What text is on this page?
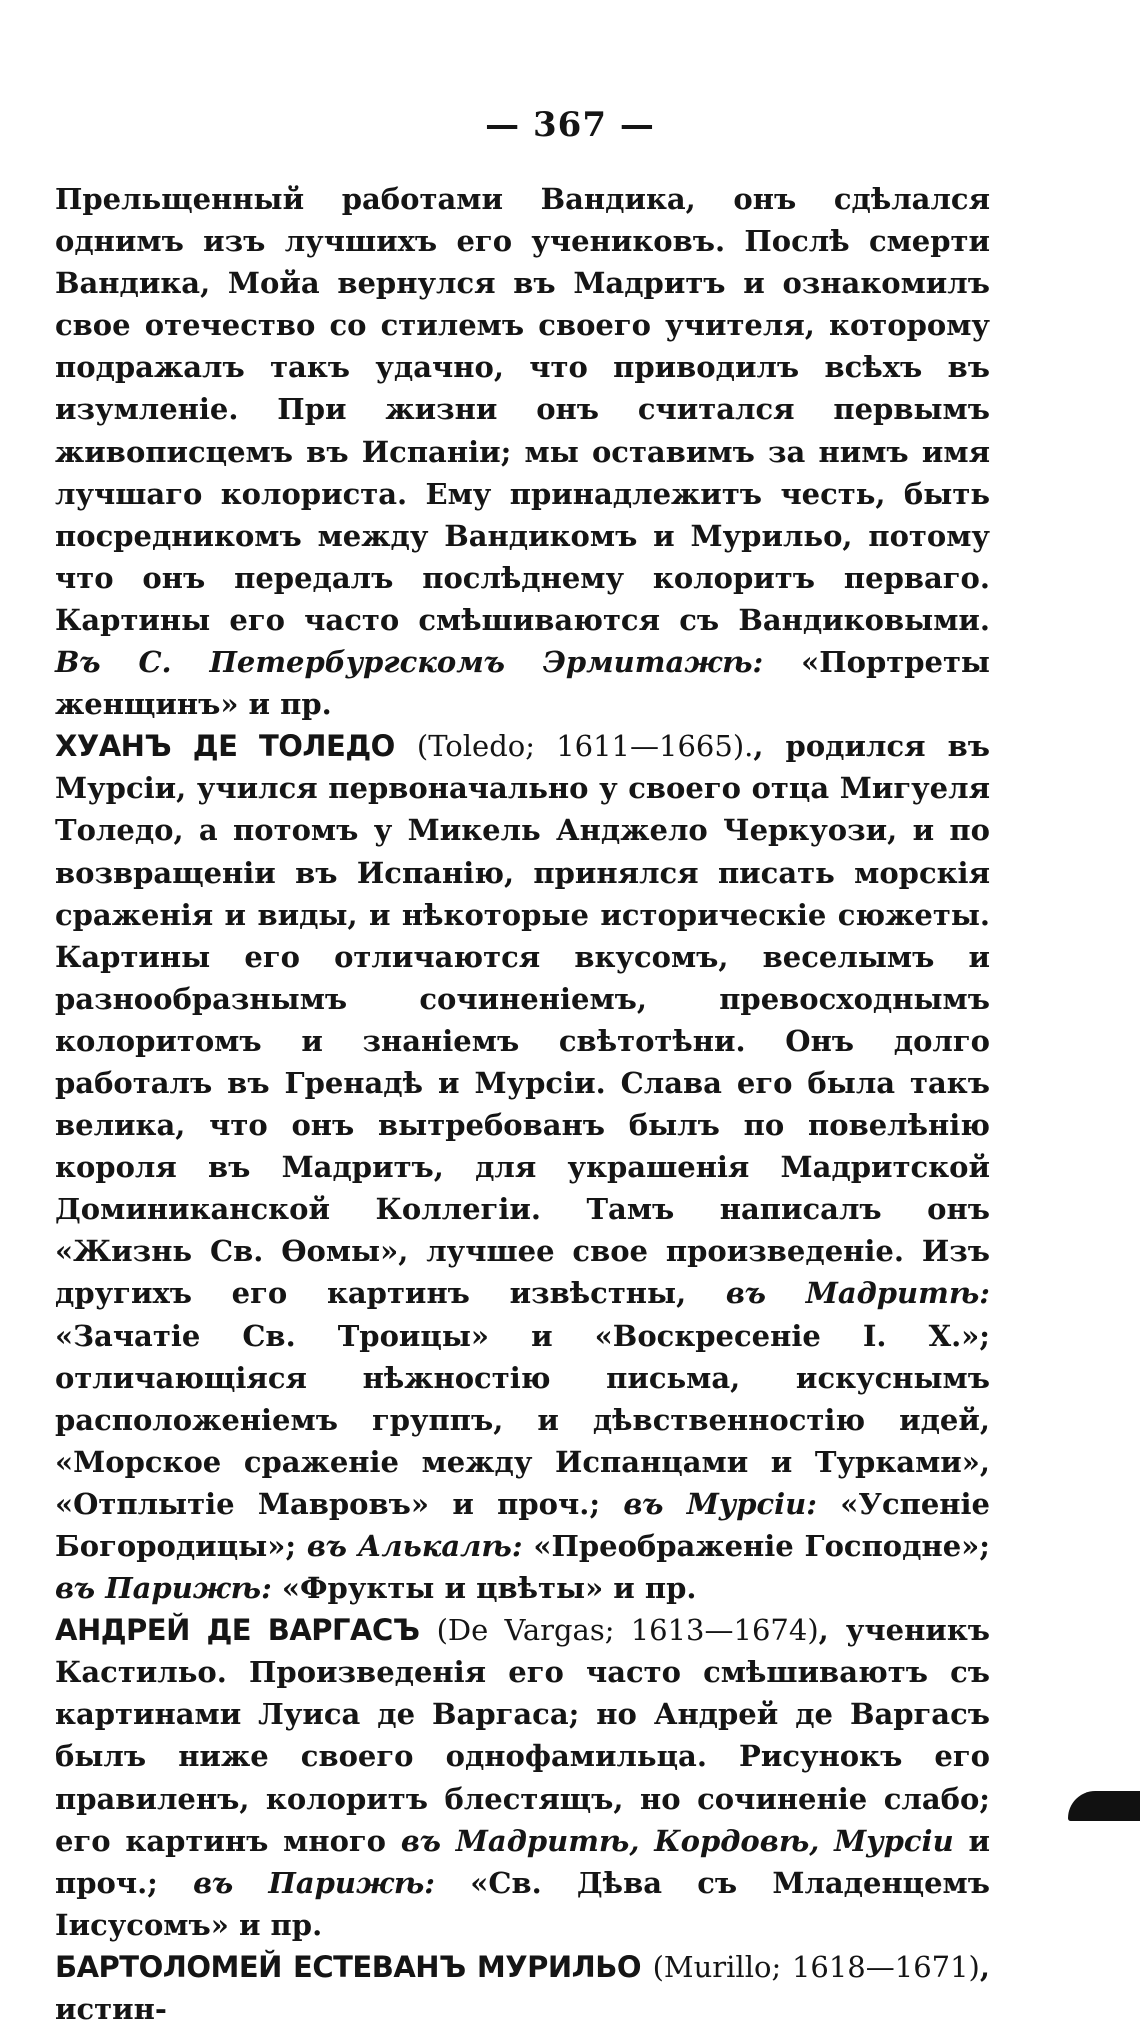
— 367 —

Прельщенный работами Вандика, онъ сдѣлался однимъ изъ лучшихъ его учениковъ. Послѣ смерти Вандика, Мойа вернулся въ Мадритъ и ознакомилъ свое отечество со стилемъ своего учителя, которому подражалъ такъ удачно, что приводилъ всѣхъ въ изумленіе. При жизни онъ считался первымъ живописцемъ въ Испаніи; мы оставимъ за нимъ имя лучшаго колориста. Ему принадлежитъ честь, быть посредникомъ между Вандикомъ и Мурильо, потому что онъ передалъ послѣднему колоритъ перваго. Картины его часто смѣшиваются съ Вандиковыми. Въ С. Петербургскомъ Эрмитажѣ: «Портреты женщинъ» и пр.

ХУАНЪ ДЕ ТОЛЕДО (Toledo; 1611—1665)., родился въ Мурсіи, учился первоначально у своего отца Мигуеля Толедо, а потомъ у Микель Анджело Черкуози, и по возвращеніи въ Испанію, принялся писать морскія сраженія и виды, и нѣкоторые историческіе сюжеты. Картины его отличаются вкусомъ, веселымъ и разнообразнымъ сочиненіемъ, превосходнымъ колоритомъ и знаніемъ свѣтотѣни. Онъ долго работалъ въ Гренадѣ и Мурсіи. Слава его была такъ велика, что онъ вытребованъ былъ по повелѣнію короля въ Мадритъ, для украшенія Мадритской Доминиканской Коллегіи. Тамъ написалъ онъ «Жизнь Св. Ѳомы», лучшее свое произведеніе. Изъ другихъ его картинъ извѣстны, въ Мадритѣ: «Зачатіе Св. Троицы» и «Воскресеніе І. Х.»; отличающіяся нѣжностію письма, искуснымъ расположеніемъ группъ, и дѣвственностію идей, «Морское сраженіе между Испанцами и Турками», «Отплытіе Мавровъ» и проч.; въ Мурсіи: «Успеніе Богородицы»; въ Алькалѣ: «Преображеніе Господне»; въ Парижѣ: «Фрукты и цвѣты» и пр.

АНДРЕЙ ДЕ ВАРГАСЪ (De Vargas; 1613—1674), ученикъ Кастильо. Произведенія его часто смѣшиваютъ съ картинами Луиса де Варгаса; но Андрей де Варгасъ былъ ниже своего однофамильца. Рисунокъ его правиленъ, колоритъ блестящъ, но сочиненіе слабо; его картинъ много въ Мадритѣ, Кордовѣ, Мурсіи и проч.; въ Парижѣ: «Св. Дѣва съ Младенцемъ Іисусомъ» и пр.

БАРТОЛОМЕЙ ЕСТЕВАНЪ МУРИЛЬО (Murillo; 1618—1671), истин-
